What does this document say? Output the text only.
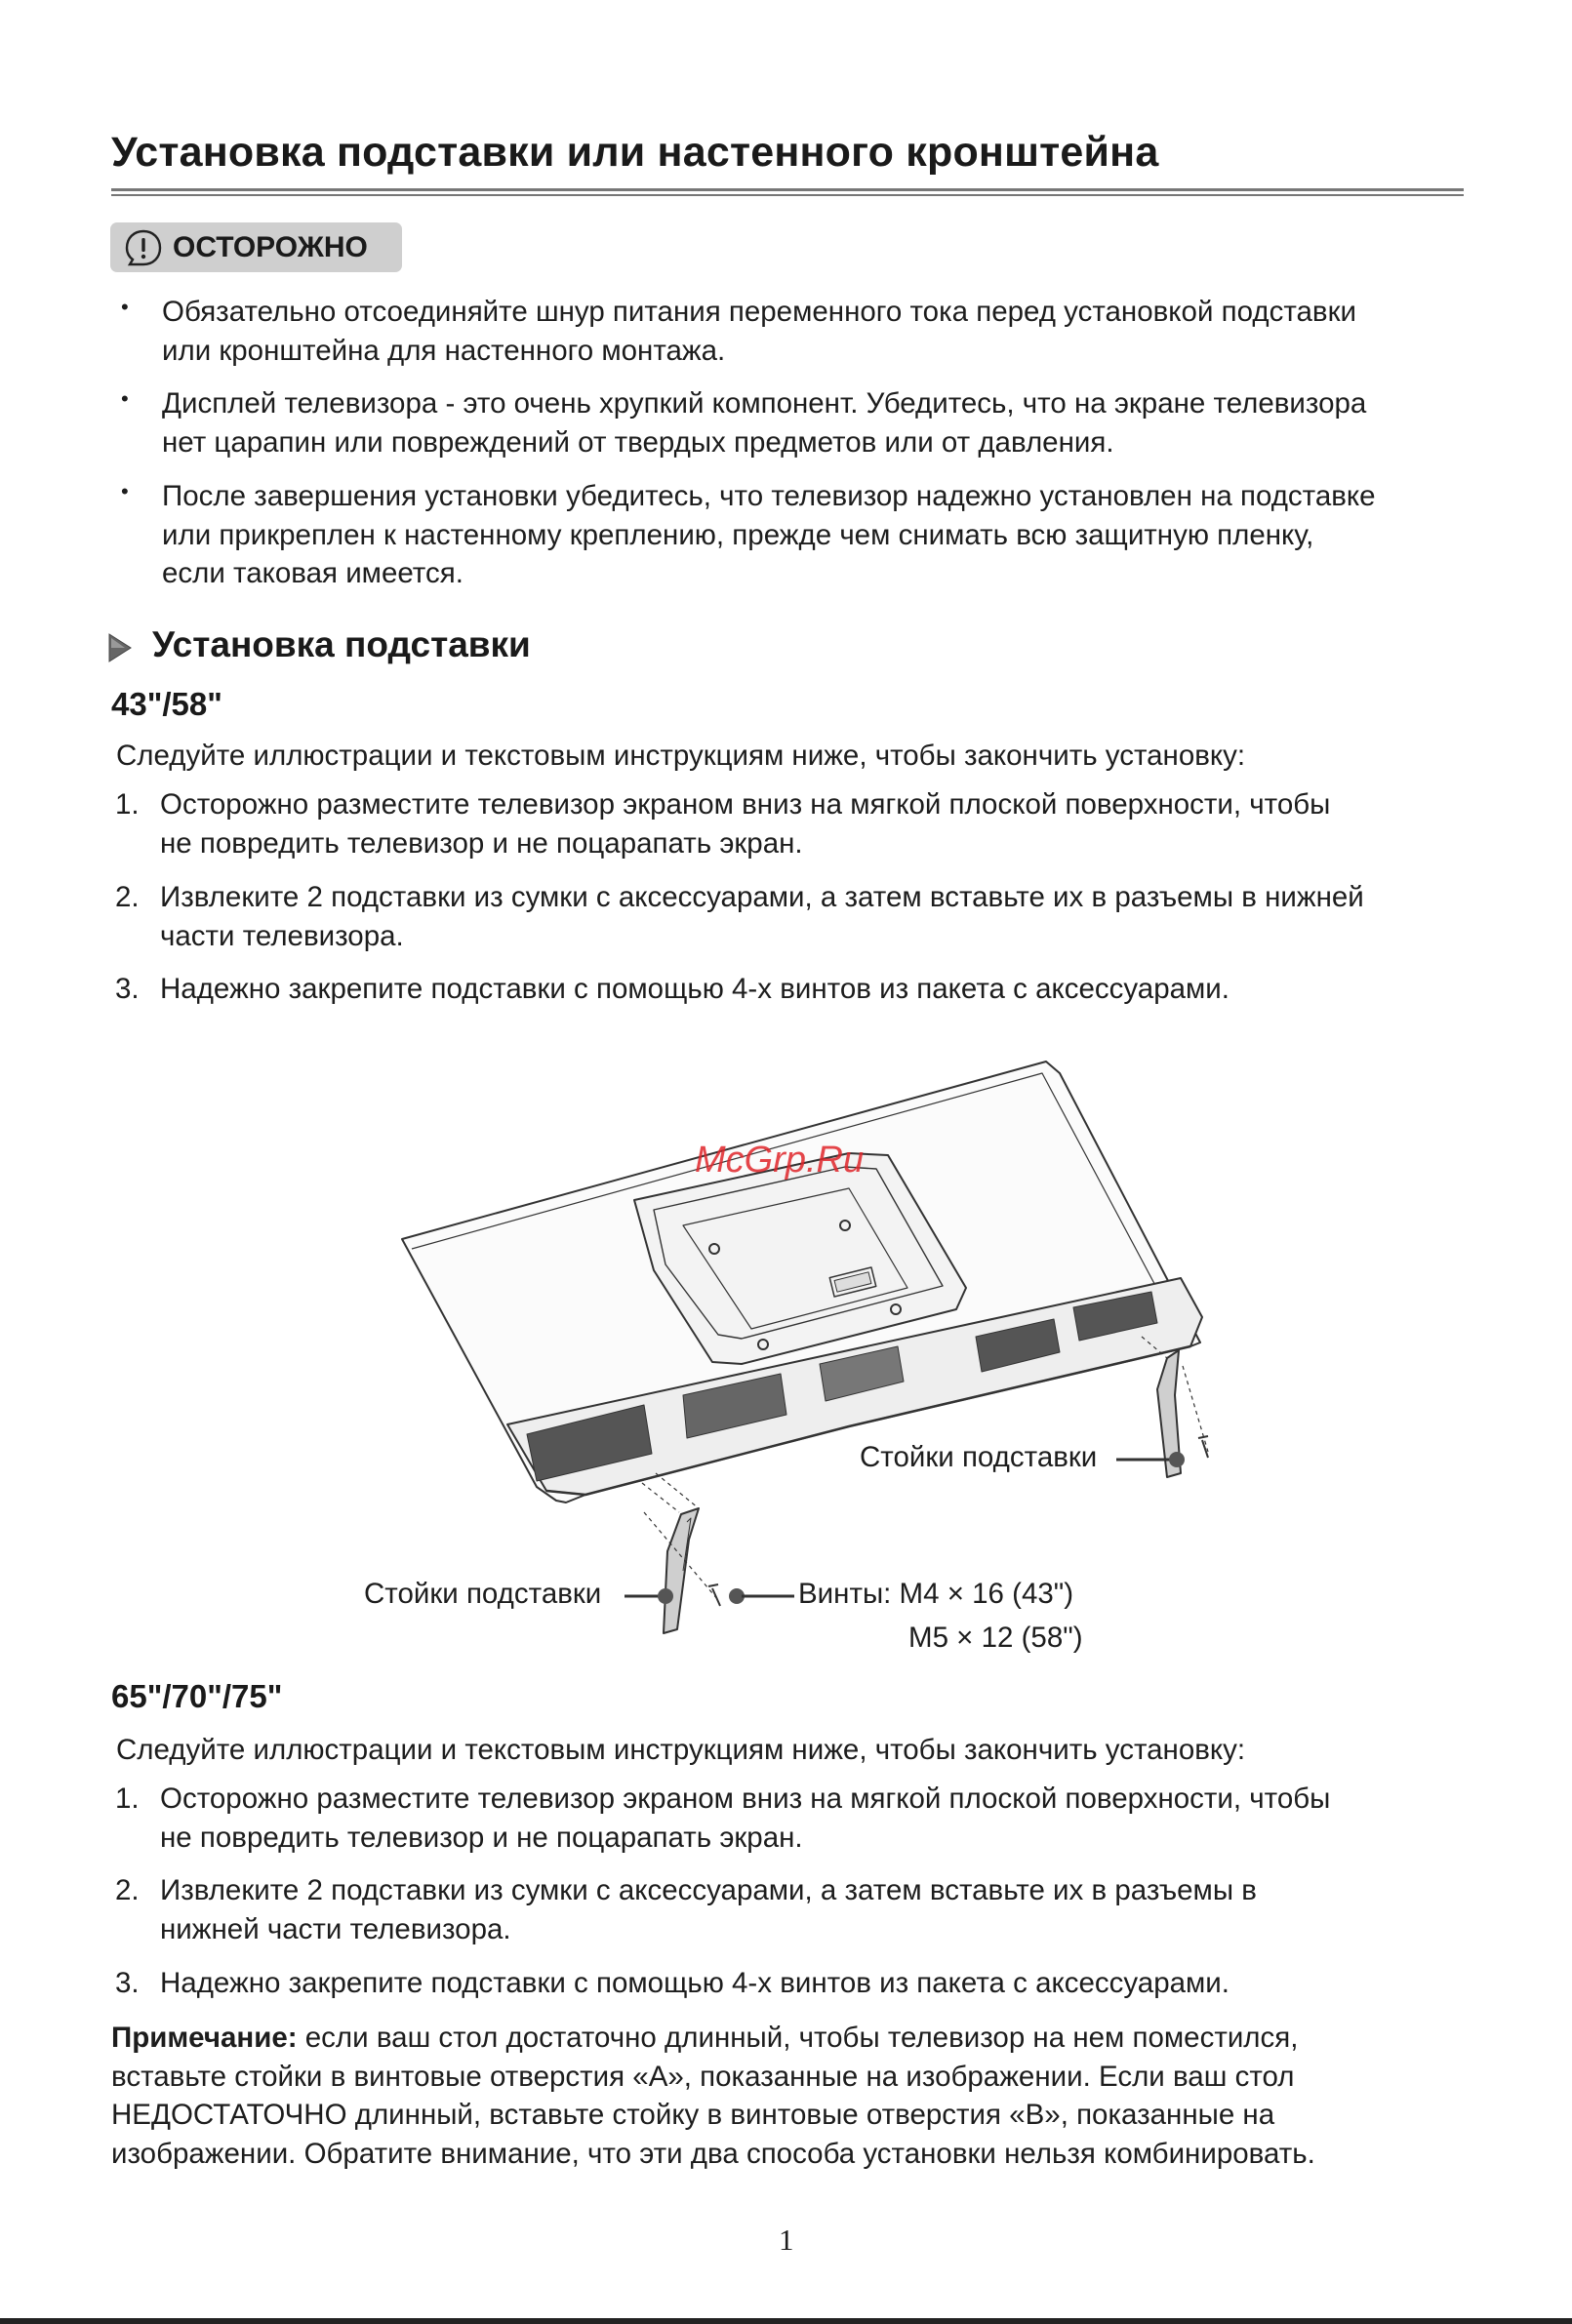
Установка подставки или настенного кронштейна
ОСТОРОЖНО
• Обязательно отсоединяйте шнур питания переменного тока перед установкой подставки
или кронштейна для настенного монтажа.

• Дисплей телевизора - это очень хрупкий компонент. Убедитесь, что на экране телевизора
нет царапин или повреждений от твердых предметов или от давления.

• После завершения установки убедитесь, что телевизор надежно установлен на подставке
или прикреплен к настенному креплению, прежде чем снимать всю защитную пленку,
если таковая имеется.

Установка подставки
43"/58"

Следуйте иллюстрации и текстовым инструкциям ниже, чтобы закончить установку:

1. Осторожно разместите телевизор экраном вниз на мягкой плоской поверхности, чтобы
не повредить телевизор и не поцарапать экран.

2. Извлеките 2 подставки из сумки с аксессуарами, а затем вставьте их в разъемы в нижней
части телевизора.

3. Надежно закрепите подставки с помощью 4-х винтов из пакета с аксессуарами.

McGrp.Ru
Стойки подставки
Стойки подставки	Винты: M4 × 16 (43")
M5 × 12 (58")
65"/70"/75"

Следуйте иллюстрации и текстовым инструкциям ниже, чтобы закончить установку:

1. Осторожно разместите телевизор экраном вниз на мягкой плоской поверхности, чтобы
не повредить телевизор и не поцарапать экран.

2. Извлеките 2 подставки из сумки с аксессуарами, а затем вставьте их в разъемы в
нижней части телевизора.

3. Надежно закрепите подставки с помощью 4-х винтов из пакета с аксессуарами.

Примечание: если ваш стол достаточно длинный, чтобы телевизор на нем поместился,
вставьте стойки в винтовые отверстия «A», показанные на изображении. Если ваш стол
НЕДОСТАТОЧНО длинный, вставьте стойку в винтовые отверстия «B», показанные на
изображении. Обратите внимание, что эти два способа установки нельзя комбинировать.

1
